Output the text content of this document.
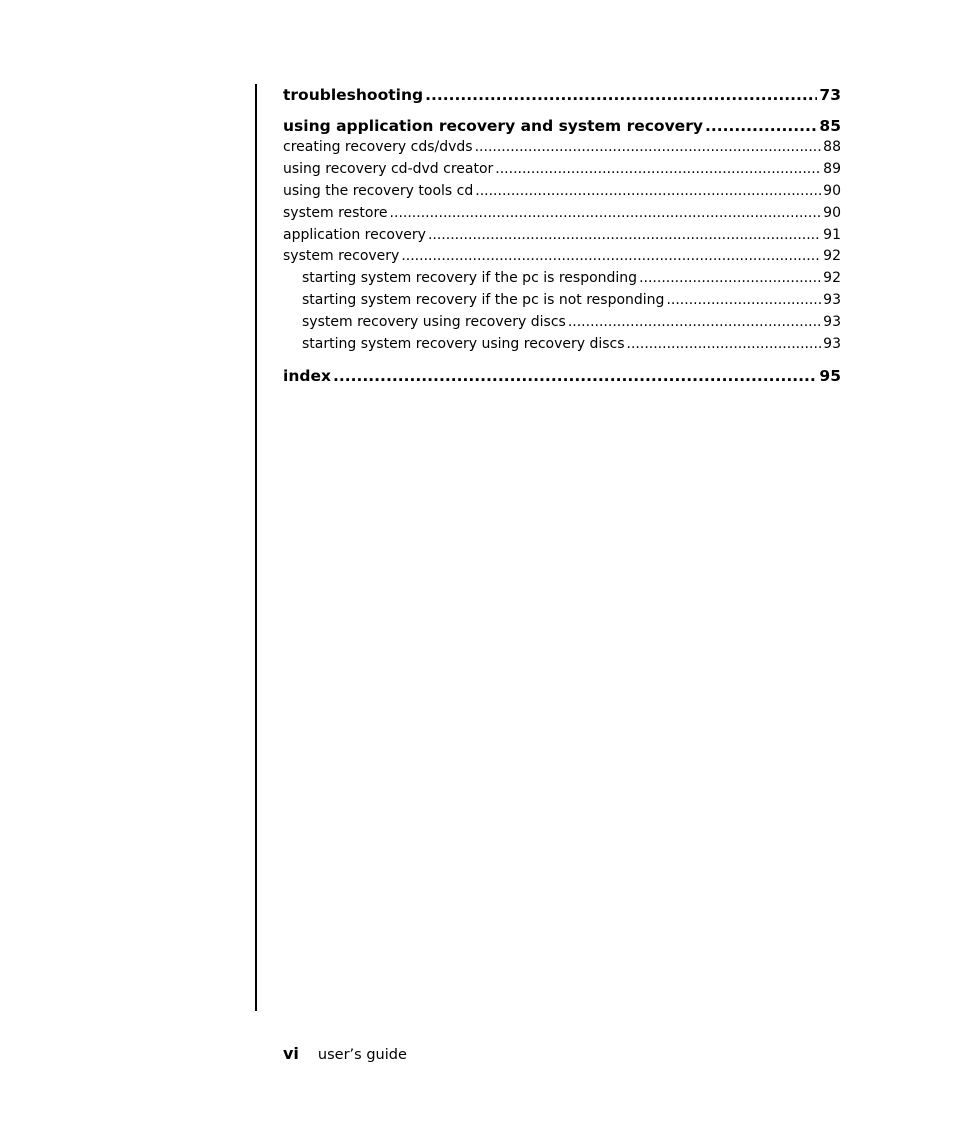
troubleshooting .....	73
using application recovery and system recovery .....	85
creating recovery cds/dvds .....	88
using recovery cd-dvd creator .....	89
using the recovery tools cd .....	90
system restore .....	90
application recovery .....	91
system recovery .....	92
starting system recovery if the pc is responding .....	92
starting system recovery if the pc is not responding .....	93
system recovery using recovery discs .....	93
starting system recovery using recovery discs .....	93
index .....	95
vi user’s guide
